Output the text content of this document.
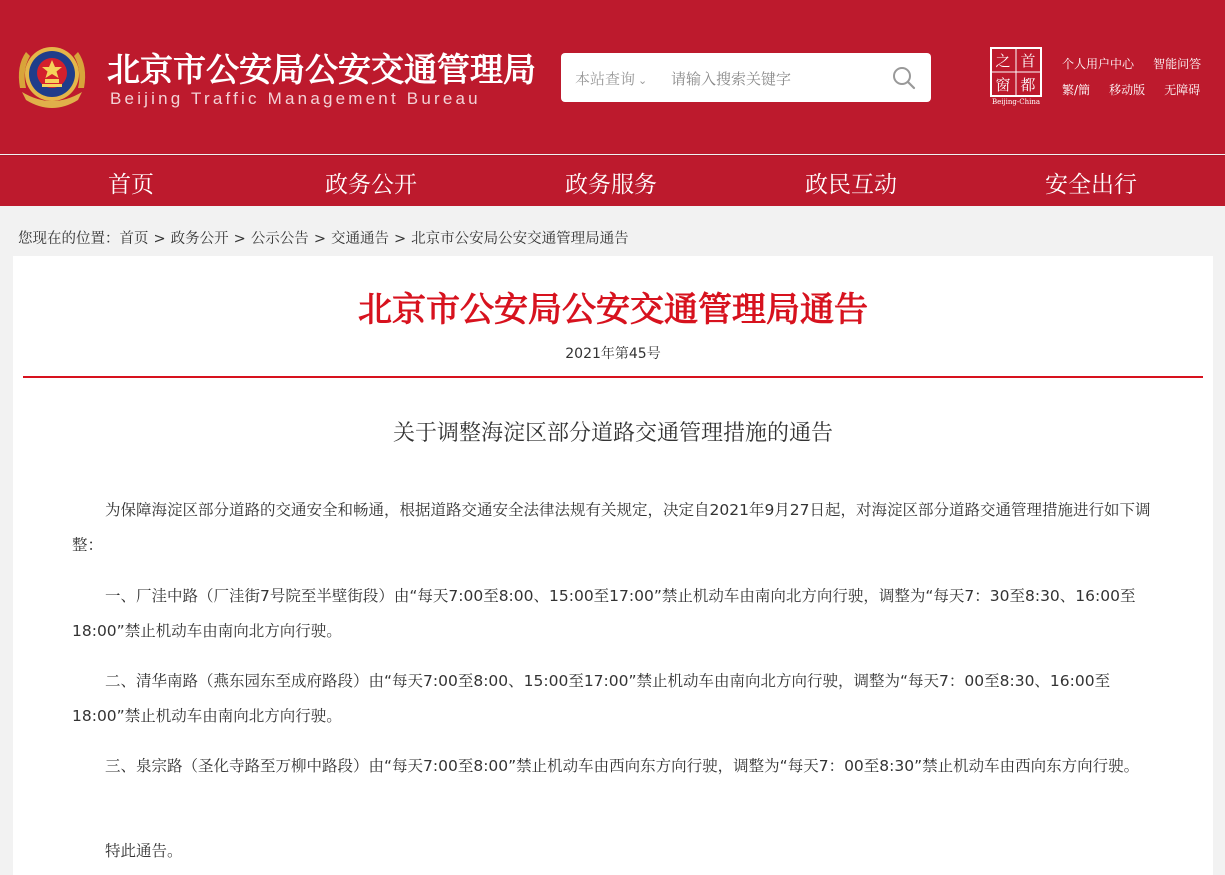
北京市公安局公安交通管理局
Beijing Traffic Management Bureau
本站查询 ⌄
请输入搜索关键字
之 首
窗 都
Beijing-China
个人用户中心 智能问答
繁/簡 移动版 无障碍
首页	政务公开	政务服务	政民互动	安全出行
您现在的位置：首页 > 政务公开 > 公示公告 > 交通通告 > 北京市公安局公安交通管理局通告
北京市公安局公安交通管理局通告
2021年第45号
关于调整海淀区部分道路交通管理措施的通告
为保障海淀区部分道路的交通安全和畅通，根据道路交通安全法律法规有关规定，决定自2021年9月27日起，对海淀区部分道路交通管理措施进行如下调整：
一、厂洼中路（厂洼街7号院至半壁街段）由“每天7:00至8:00、15:00至17:00”禁止机动车由南向北方向行驶，调整为“每天7：30至8:30、16:00至18:00”禁止机动车由南向北方向行驶。
二、清华南路（燕东园东至成府路段）由“每天7:00至8:00、15:00至17:00”禁止机动车由南向北方向行驶，调整为“每天7：00至8:30、16:00至18:00”禁止机动车由南向北方向行驶。
三、泉宗路（圣化寺路至万柳中路段）由“每天7:00至8:00”禁止机动车由西向东方向行驶，调整为“每天7：00至8:30”禁止机动车由西向东方向行驶。
特此通告。
